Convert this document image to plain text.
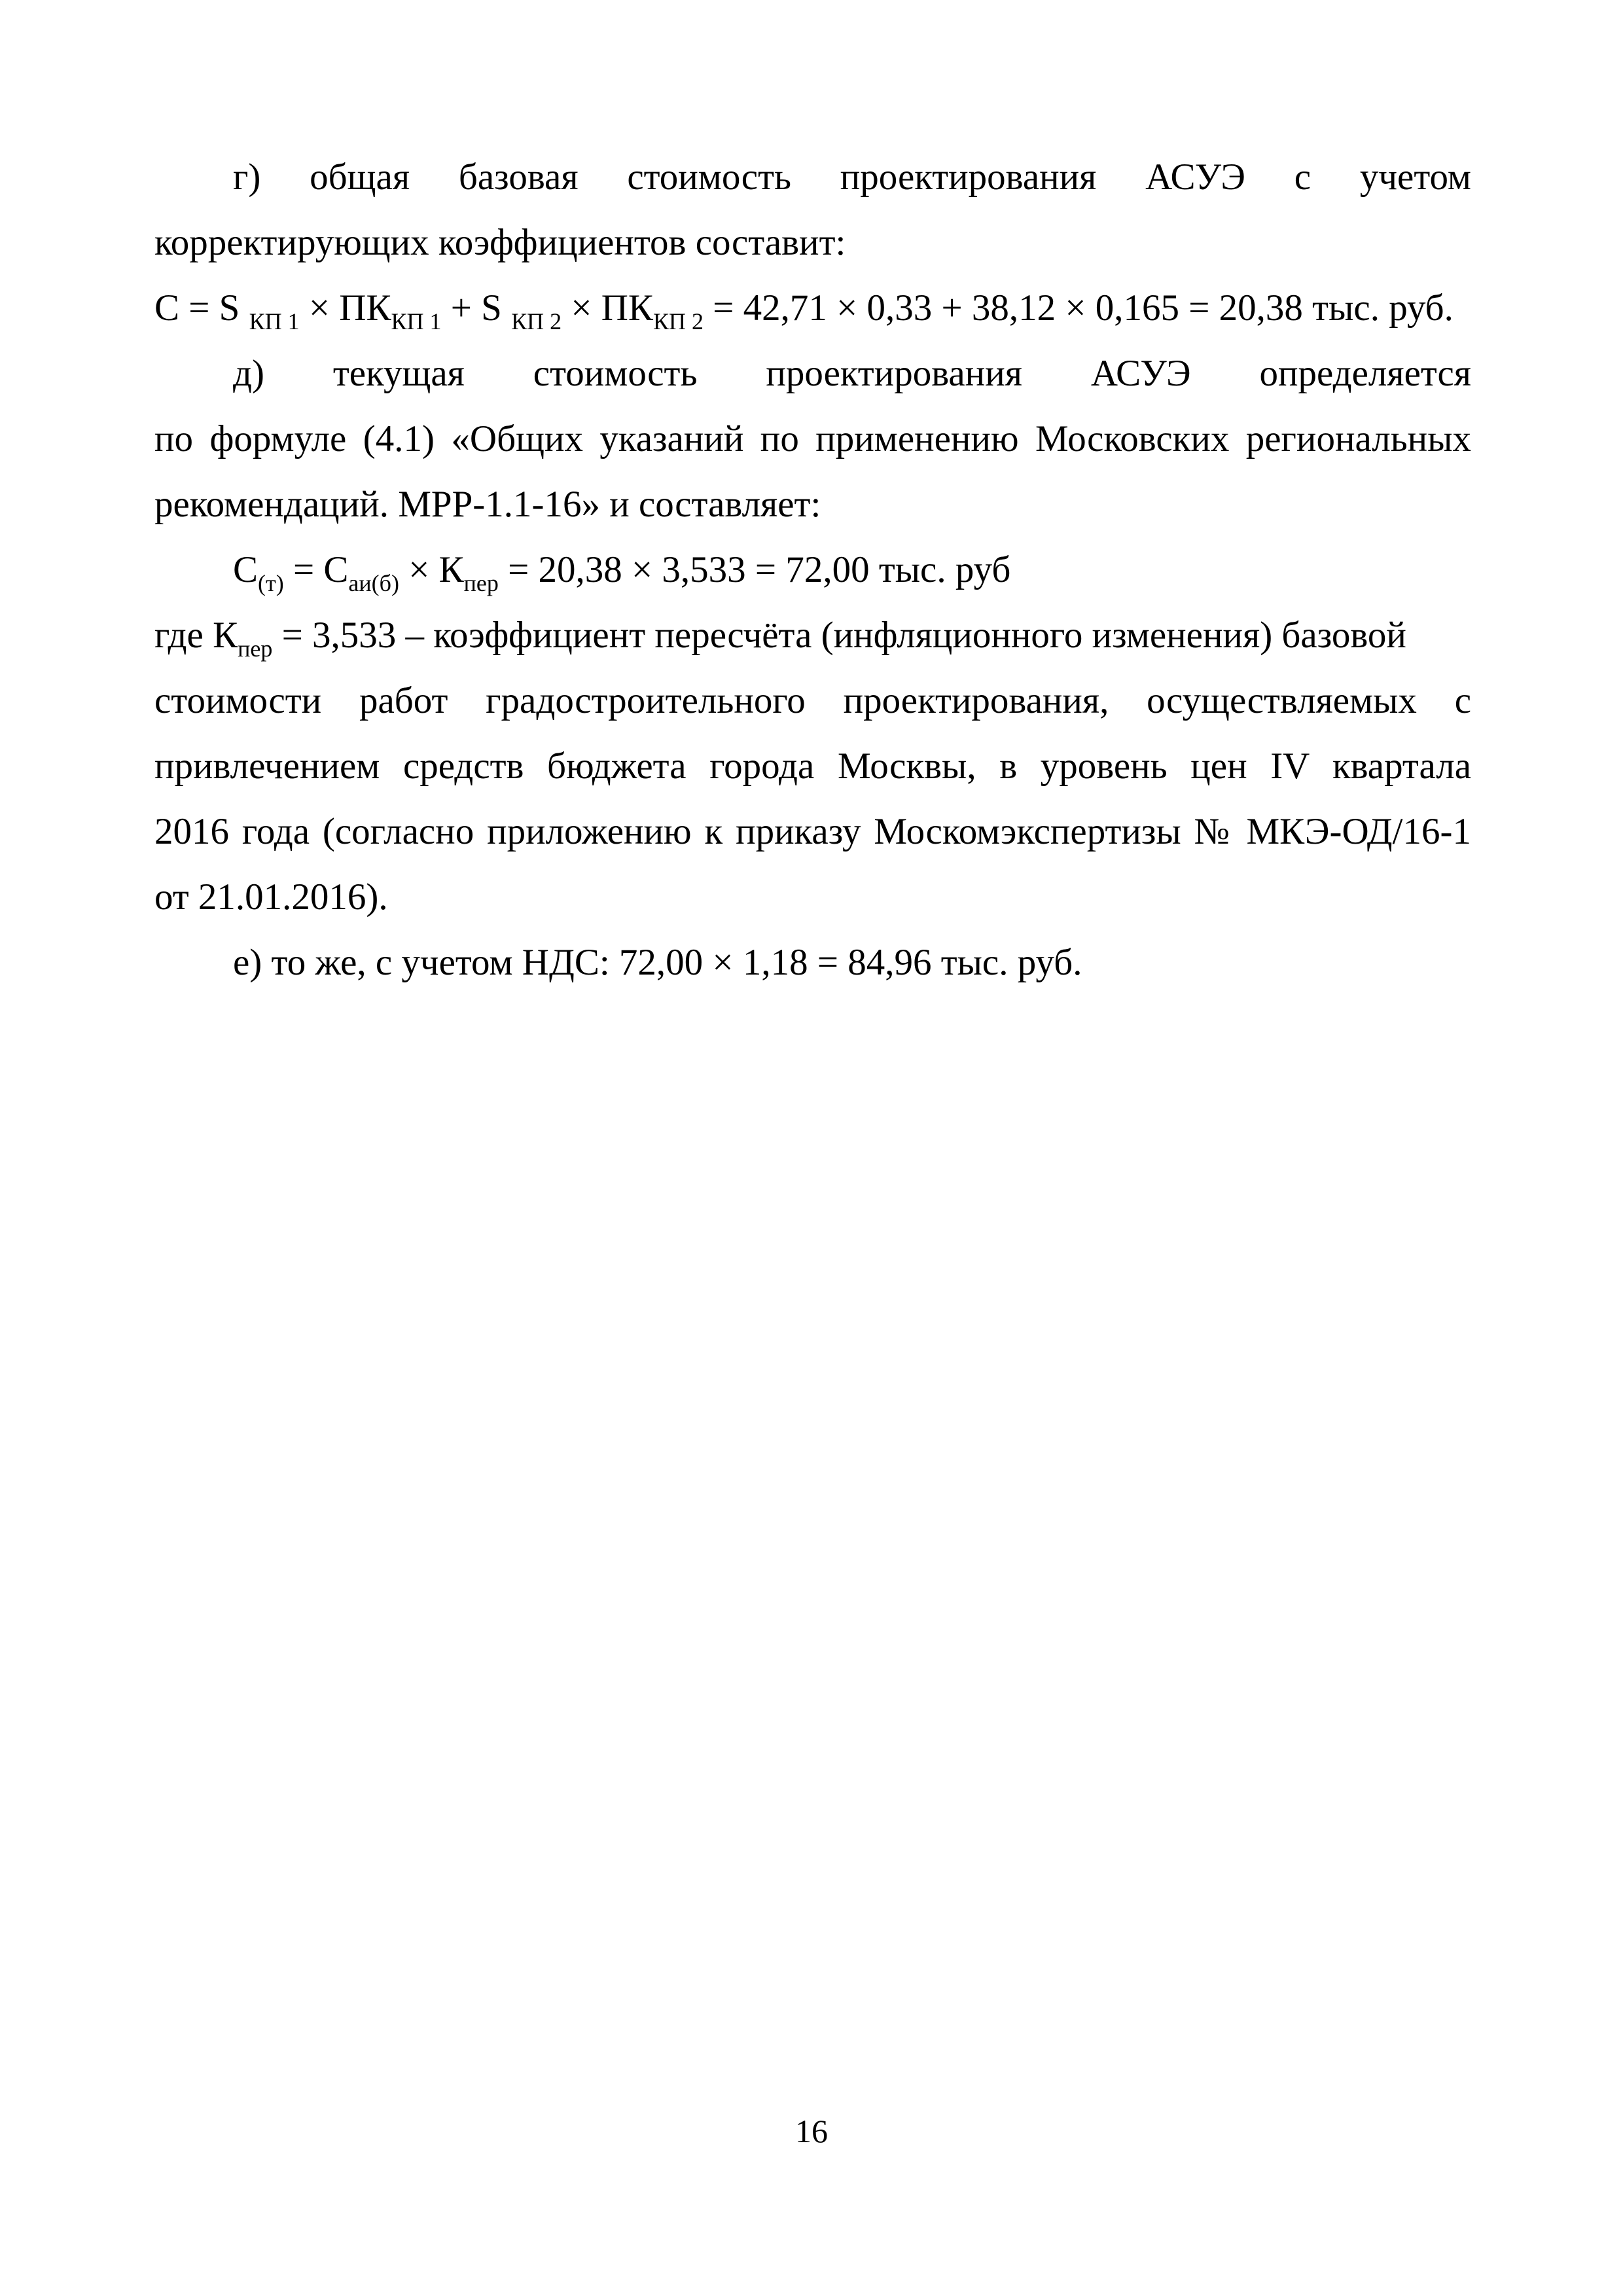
г) общая базовая стоимость проектирования АСУЭ с учетом
корректирующих коэффициентов составит:
С = S $_{КП 1} \times ПК_{КП 1} + S$ $_{КП 2} \times ПК_{КП 2} = 42,71 \times 0,33 + 38,12 \times 0,165 = 20,38$ тыс. руб.
д) текущая стоимость проектирования АСУЭ определяется
по формуле (4.1) «Общих указаний по применению Московских региональных
рекомендаций. МРР-1.1-16» и составляет:
$С_{(т)} = С_{аи(б)} \times К_{пер} = 20,38 \times 3,533 = 72,00$ тыс. руб
где $К_{пер} = 3,533$ – коэффициент пересчёта (инфляционного изменения) базовой
стоимости работ градостроительного проектирования, осуществляемых с
привлечением средств бюджета города Москвы, в уровень цен IV квартала
2016 года (согласно приложению к приказу Москомэкспертизы № МКЭ-ОД/16-1
от 21.01.2016).
е) то же, с учетом НДС: 72,00 × 1,18 = 84,96 тыс. руб.
16
